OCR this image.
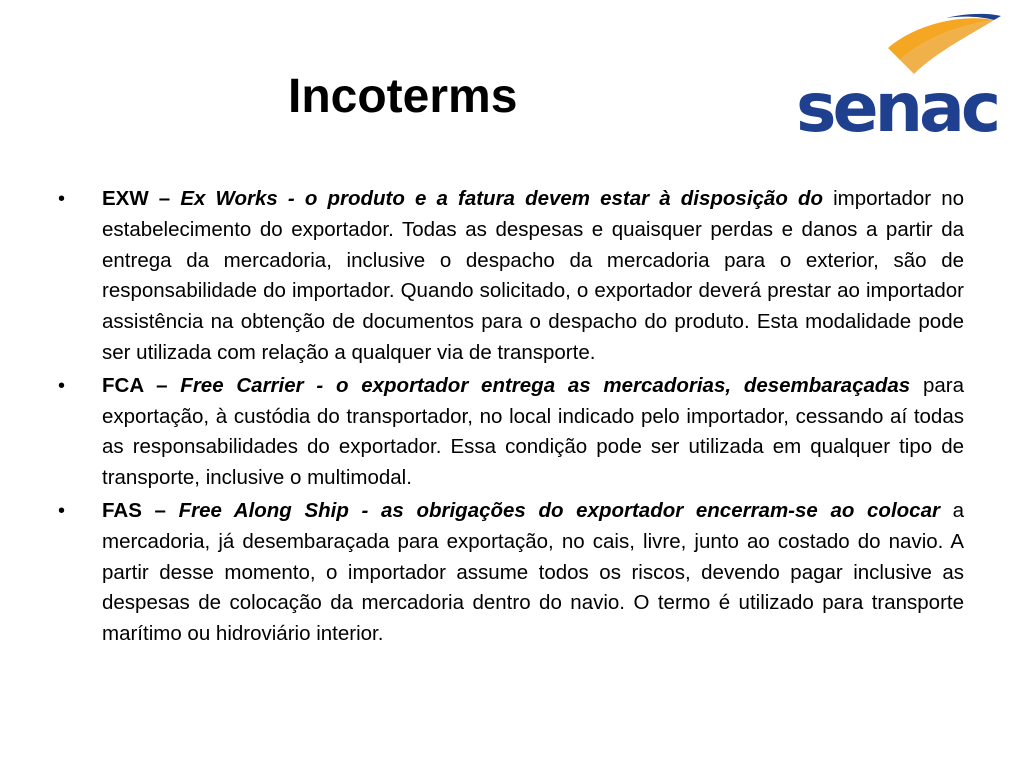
Incoterms	senac

•	EXW – Ex Works - o produto e a fatura devem estar à disposição do importador no estabelecimento do exportador. Todas as despesas e quaisquer perdas e danos a partir da entrega da mercadoria, inclusive o despacho da mercadoria para o exterior, são de responsabilidade do importador. Quando solicitado, o exportador deverá prestar ao importador assistência na obtenção de documentos para o despacho do produto. Esta modalidade pode ser utilizada com relação a qualquer via de transporte.

•	FCA – Free Carrier - o exportador entrega as mercadorias, desembaraçadas para exportação, à custódia do transportador, no local indicado pelo importador, cessando aí todas as responsabilidades do exportador. Essa condição pode ser utilizada em qualquer tipo de transporte, inclusive o multimodal.

•	FAS – Free Along Ship - as obrigações do exportador encerram-se ao colocar a mercadoria, já desembaraçada para exportação, no cais, livre, junto ao costado do navio. A partir desse momento, o importador assume todos os riscos, devendo pagar inclusive as despesas de colocação da mercadoria dentro do navio. O termo é utilizado para transporte marítimo ou hidroviário interior.
